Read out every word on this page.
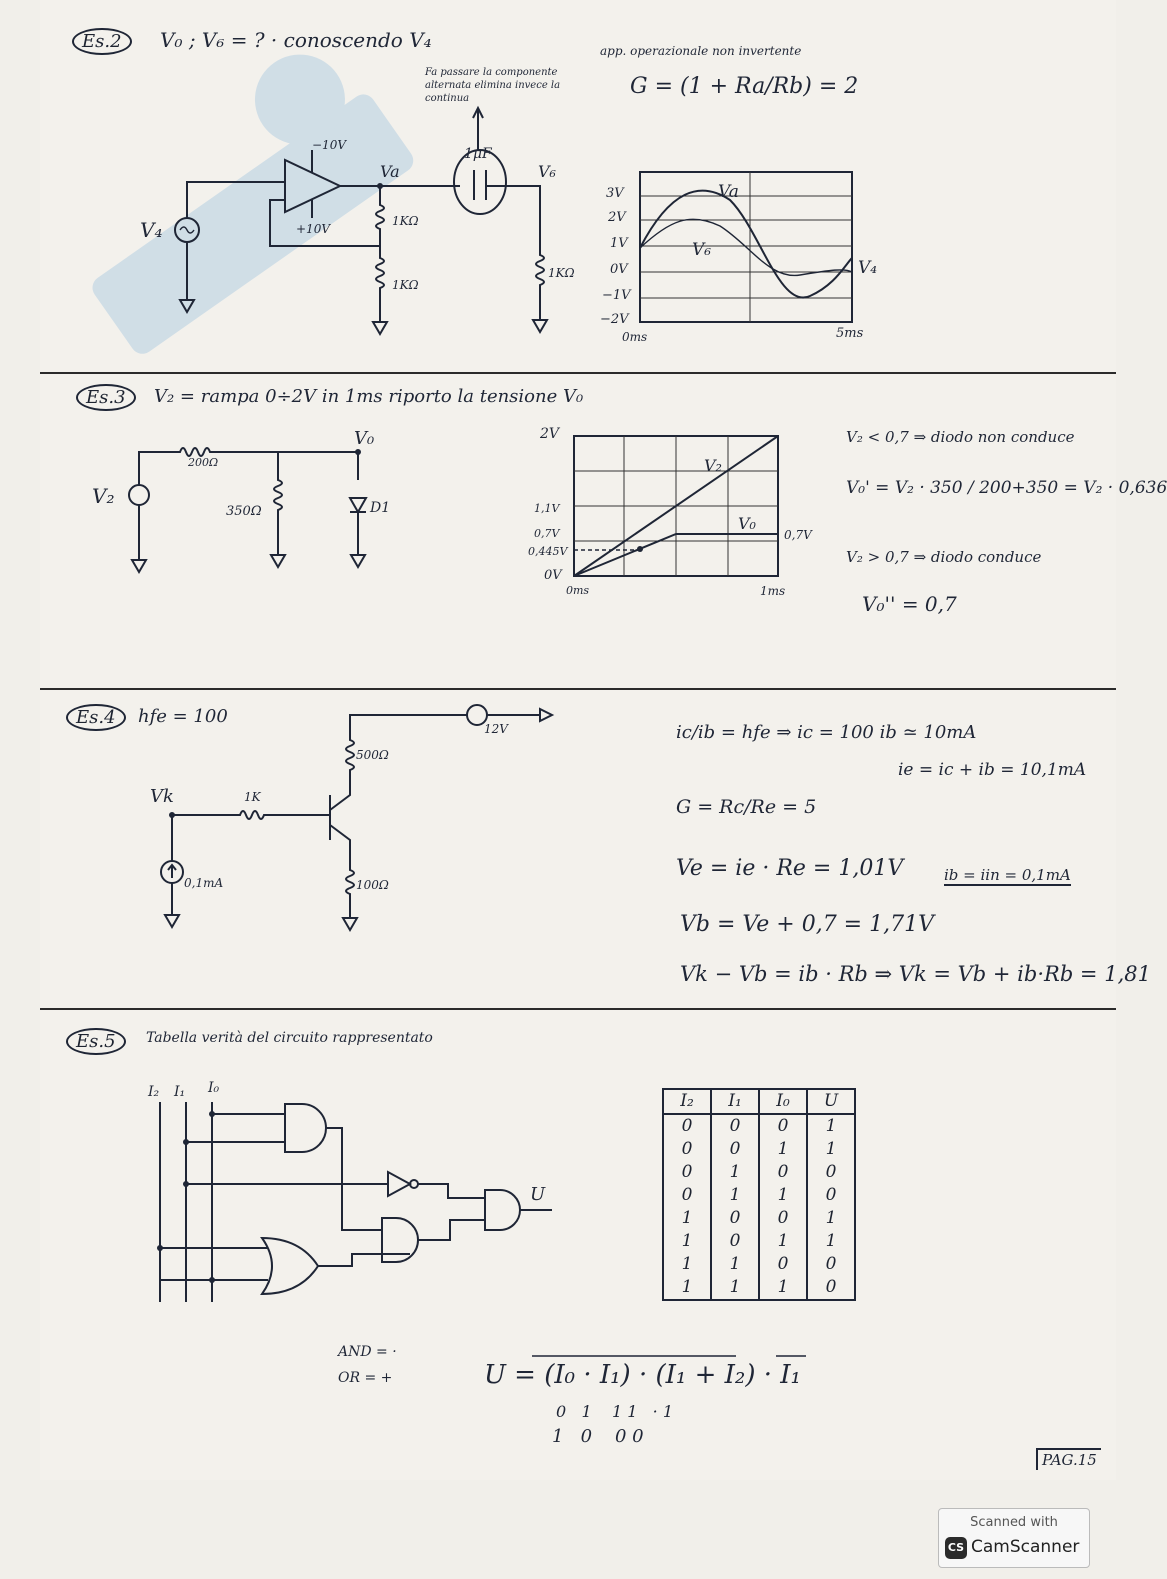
Es.2	V₀ ; V₆ = ? · conoscendo V₄
Fa passare la componente alternata elimina invece la continua
app. operazionale non invertente
G = (1 + Ra/Rb) = 2
V₄
−10V
+10V
Va
1KΩ
1KΩ
1μF
V₆
1KΩ
3V
2V
1V
0V
−1V
−2V
0ms	5ms
Va
V₆
V₄
Es.3	V₂ = rampa 0÷2V in 1ms riporto la tensione V₀
200Ω
350Ω	D1
V₂
V₀	2V
1,1V
0,7V
0,445V
0V
0ms	1ms
V₂
V₀
0,7V
V₂ < 0,7 ⇒ diodo non conduce
V₀' = V₂ · 350 / 200+350 = V₂ · 0,636
V₂ > 0,7 ⇒ diodo conduce
V₀'' = 0,7
Es.4	hfe = 100
12V
500Ω
1K
100Ω
Vk
0,1mA
ic/ib = hfe ⇒ ic = 100 ib ≃ 10mA
ie = ic + ib = 10,1mA
G = Rc/Re = 5
Ve = ie · Re = 1,01V	ib = iin = 0,1mA
Vb = Ve + 0,7 = 1,71V
Vk − Vb = ib · Rb ⇒ Vk = Vb + ib·Rb = 1,81
Es.5	Tabella verità del circuito rappresentato
I₂ I₁ I₀
U
I₂	I₁	I₀	U
0	0	0	1
0	0	1	1
0	1	0	0
0	1	1	0
1	0	0	1
1	0	1	1
1	1	0	0
1	1	1	0
AND = ·
OR = +	U = (I₀ · I₁) · (I₁ + I₂) · I₁
0   1    1 1   · 1
1   0    0 0
PAG.15
Scanned with
CS CamScanner
